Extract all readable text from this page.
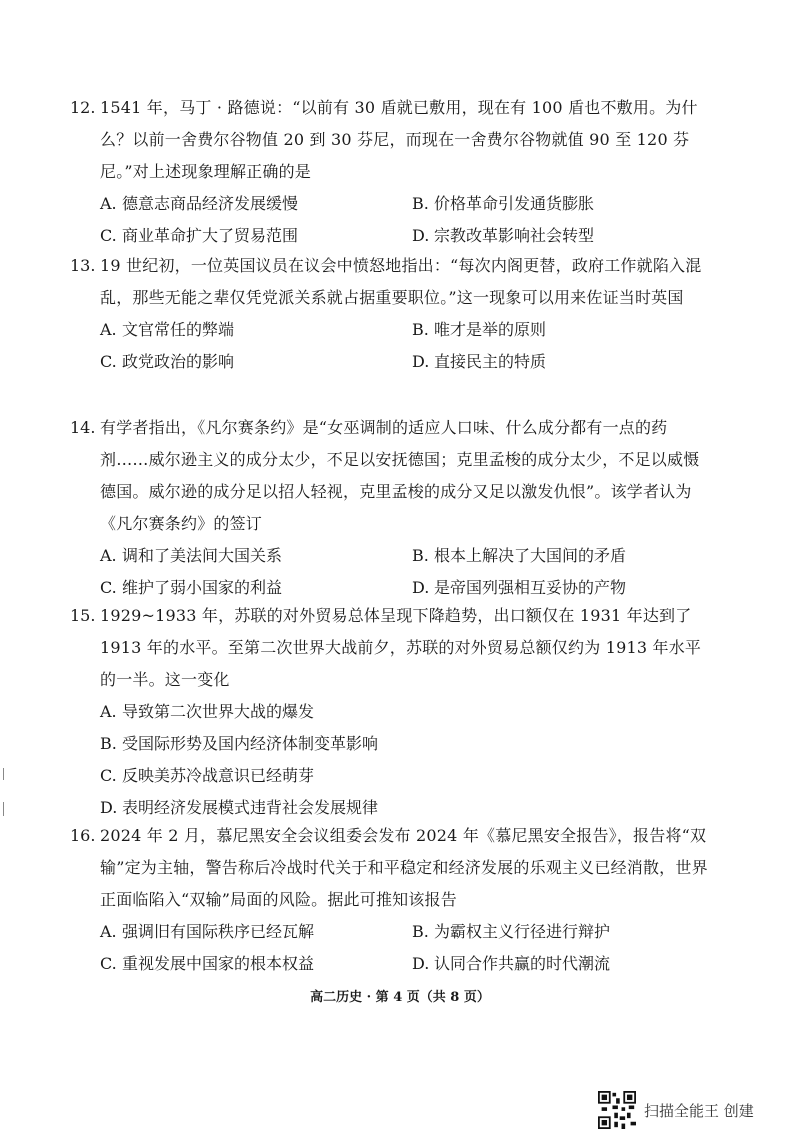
12. 1541 年，马丁 · 路德说：“以前有 30 盾就已敷用，现在有 100 盾也不敷用。为什么？以前一舍费尔谷物值 20 到 30 芬尼，而现在一舍费尔谷物就值 90 至 120 芬尼。”对上述现象理解正确的是
A. 德意志商品经济发展缓慢	B. 价格革命引发通货膨胀
C. 商业革命扩大了贸易范围	D. 宗教改革影响社会转型
13. 19 世纪初，一位英国议员在议会中愤怒地指出：“每次内阁更替，政府工作就陷入混乱，那些无能之辈仅凭党派关系就占据重要职位。”这一现象可以用来佐证当时英国
A. 文官常任的弊端	B. 唯才是举的原则
C. 政党政治的影响	D. 直接民主的特质
14. 有学者指出，《凡尔赛条约》是“女巫调制的适应人口味、什么成分都有一点的药剂……威尔逊主义的成分太少，不足以安抚德国；克里孟梭的成分太少，不足以威慑德国。威尔逊的成分足以招人轻视，克里孟梭的成分又足以激发仇恨”。该学者认为《凡尔赛条约》的签订
A. 调和了美法间大国关系	B. 根本上解决了大国间的矛盾
C. 维护了弱小国家的利益	D. 是帝国列强相互妥协的产物
15. 1929~1933 年，苏联的对外贸易总体呈现下降趋势，出口额仅在 1931 年达到了 1913 年的水平。至第二次世界大战前夕，苏联的对外贸易总额仅约为 1913 年水平的一半。这一变化
A. 导致第二次世界大战的爆发
B. 受国际形势及国内经济体制变革影响
C. 反映美苏冷战意识已经萌芽
D. 表明经济发展模式违背社会发展规律
16. 2024 年 2 月，慕尼黑安全会议组委会发布 2024 年《慕尼黑安全报告》，报告将“双输”定为主轴，警告称后冷战时代关于和平稳定和经济发展的乐观主义已经消散，世界正面临陷入“双输”局面的风险。据此可推知该报告
A. 强调旧有国际秩序已经瓦解	B. 为霸权主义行径进行辩护
C. 重视发展中国家的根本权益	D. 认同合作共赢的时代潮流
高二历史 · 第 4 页（共 8 页）
扫描全能王 创建
